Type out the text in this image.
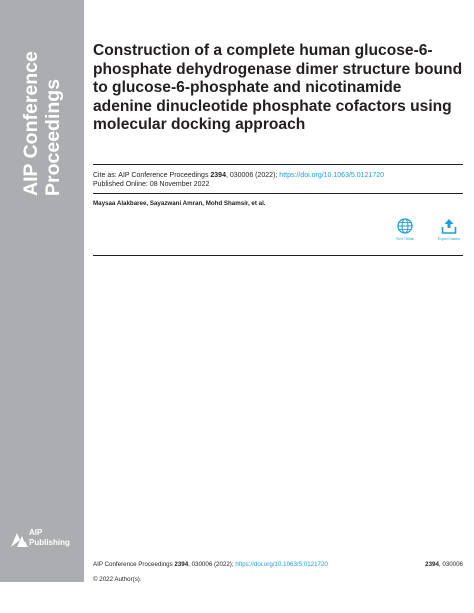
AIP Conference Proceedings
AIP
Publishing
Construction of a complete human glucose-6-phosphate dehydrogenase dimer structure bound to glucose-6-phosphate and nicotinamide adenine dinucleotide phosphate cofactors using molecular docking approach
Cite as: AIP Conference Proceedings 2394, 030006 (2022); https://doi.org/10.1063/5.0121720
Published Online: 08 November 2022
Maysaa Alakbaree, Sayazwani Amran, Mohd Shamsir, et al.
View Online	Export Citation
AIP Conference Proceedings 2394, 030006 (2022); https://doi.org/10.1063/5.0121720	2394, 030006
© 2022 Author(s).
